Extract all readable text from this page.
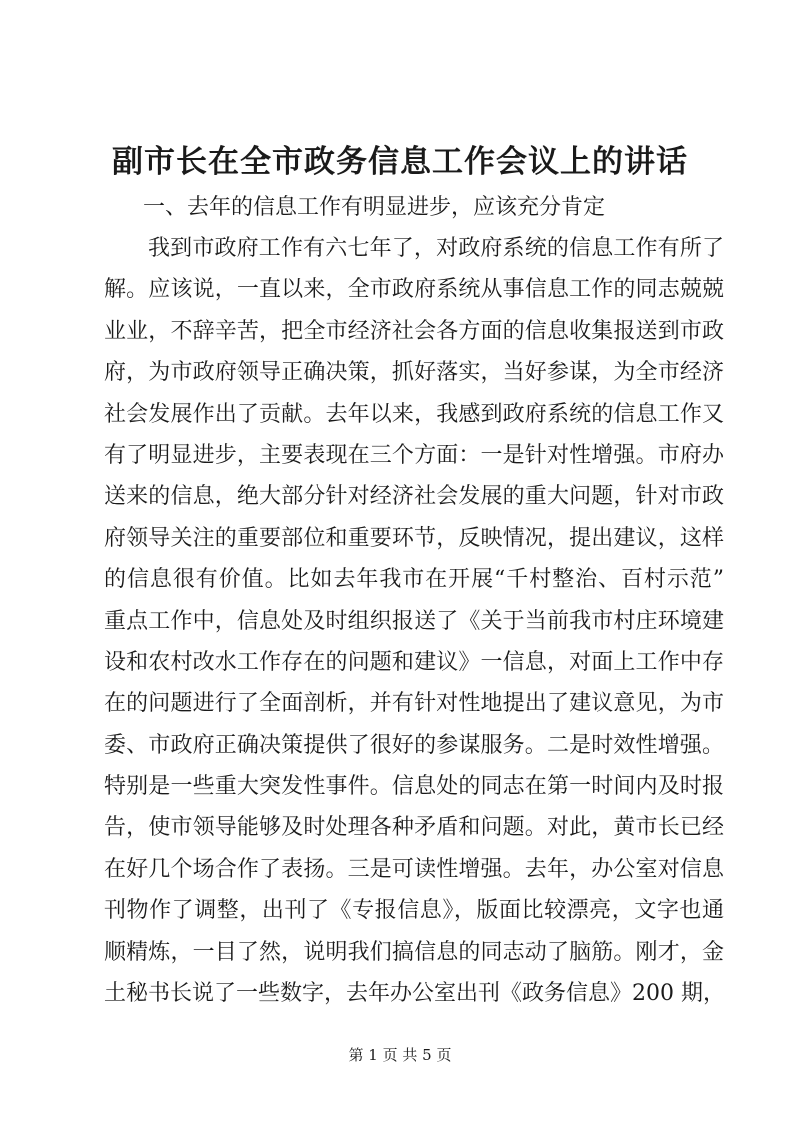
副市长在全市政务信息工作会议上的讲话
一、去年的信息工作有明显进步，应该充分肯定
我到市政府工作有六七年了，对政府系统的信息工作有所了
解。应该说，一直以来，全市政府系统从事信息工作的同志兢兢
业业，不辞辛苦，把全市经济社会各方面的信息收集报送到市政
府，为市政府领导正确决策，抓好落实，当好参谋，为全市经济
社会发展作出了贡献。去年以来，我感到政府系统的信息工作又
有了明显进步，主要表现在三个方面：一是针对性增强。市府办
送来的信息，绝大部分针对经济社会发展的重大问题，针对市政
府领导关注的重要部位和重要环节，反映情况，提出建议，这样
的信息很有价值。比如去年我市在开展“千村整治、百村示范”
重点工作中，信息处及时组织报送了《关于当前我市村庄环境建
设和农村改水工作存在的问题和建议》一信息，对面上工作中存
在的问题进行了全面剖析，并有针对性地提出了建议意见，为市
委、市政府正确决策提供了很好的参谋服务。二是时效性增强。
特别是一些重大突发性事件。信息处的同志在第一时间内及时报
告，使市领导能够及时处理各种矛盾和问题。对此，黄市长已经
在好几个场合作了表扬。三是可读性增强。去年，办公室对信息
刊物作了调整，出刊了《专报信息》，版面比较漂亮，文字也通
顺精炼，一目了然，说明我们搞信息的同志动了脑筋。刚才，金
土秘书长说了一些数字，去年办公室出刊《政务信息》200 期，
第 1 页 共 5 页
